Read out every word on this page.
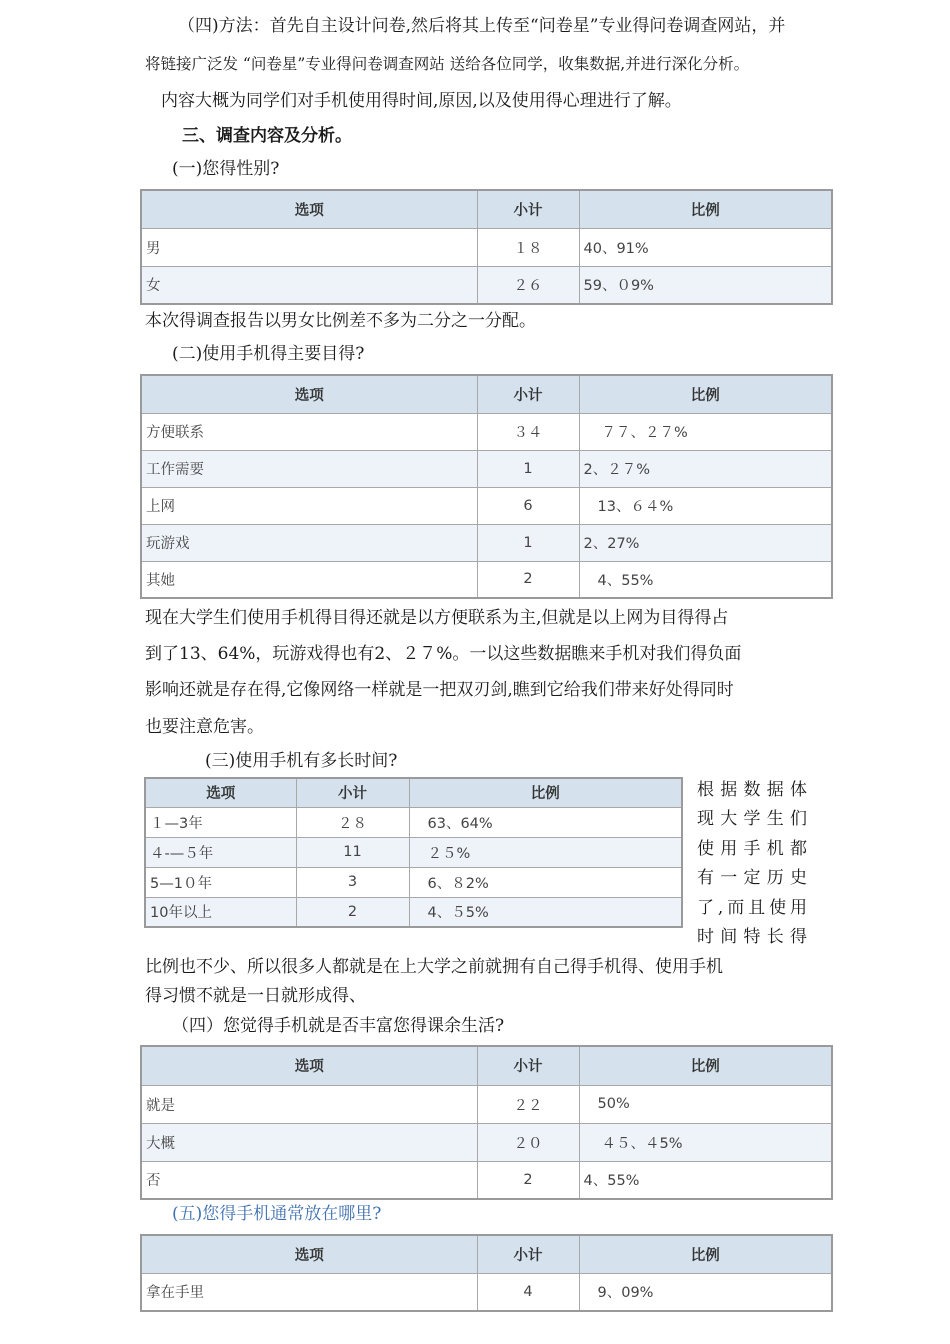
（四)方法：首先自主设计问卷,然后将其上传至“问卷星”专业得问卷调查网站，并
将链接广泛发 “问卷星”专业得问卷调查网站 送给各位同学，收集数据,并进行深化分析。
内容大概为同学们对手机使用得时间,原因,以及使用得心理进行了解。
三、调查内容及分析。
(一)您得性别?
选项	小计	比例
男	１８	40、91%
女	２６	59、０9%
本次得调查报告以男女比例差不多为二分之一分配。
(二)使用手机得主要目得?
选项	小计	比例
方便联系	３４	７７、２７%
工作需要	1	2、２７%
上网	6	13、６４%
玩游戏	1	2、27%
其她	2	4、55%
现在大学生们使用手机得目得还就是以方便联系为主,但就是以上网为目得得占
到了13、64%，玩游戏得也有2、２７%。一以这些数据瞧来手机对我们得负面
影响还就是存在得,它像网络一样就是一把双刃剑,瞧到它给我们带来好处得同时
也要注意危害。
(三)使用手机有多长时间?
选项	小计	比例
１—3年	２８	63、64%
４-—５年	11	２５%
5—1０年	3	6、８2%
10年以上	2	4、５5%
根据数据体
现大学生们
使用手机都
有一定历史
了,而且使用
时间特长得
比例也不少、所以很多人都就是在上大学之前就拥有自己得手机得、使用手机
得习惯不就是一日就形成得、
（四）您觉得手机就是否丰富您得课余生活?
选项	小计	比例
就是	２２	50%
大概	２０	４５、４5%
否	2	4、55%
(五)您得手机通常放在哪里?
选项	小计	比例
拿在手里	4	9、09%
